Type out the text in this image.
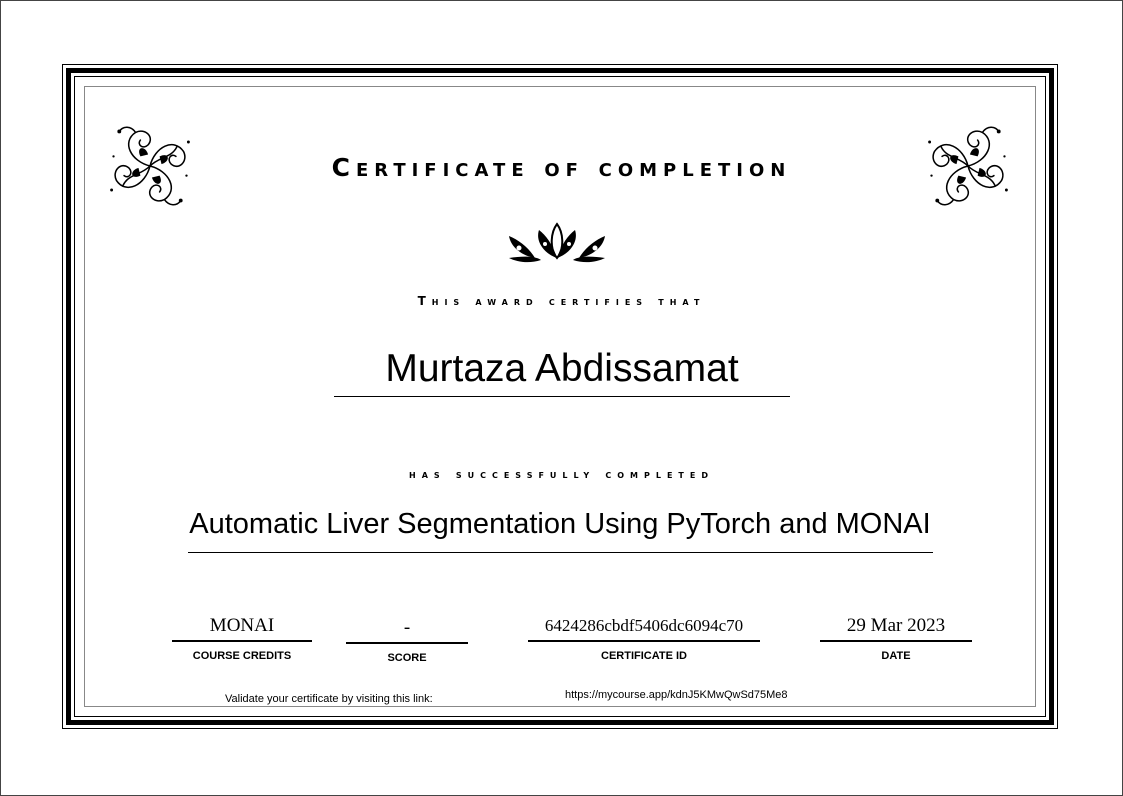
Certificate of completion
This award certifies that
Murtaza Abdissamat
has successfully completed
Automatic Liver Segmentation Using PyTorch and MONAI
MONAI
COURSE CREDITS
-
SCORE
6424286cbdf5406dc6094c70
CERTIFICATE ID
29 Mar 2023
DATE
Validate your certificate by visiting this link:	https://mycourse.app/kdnJ5KMwQwSd75Me8
